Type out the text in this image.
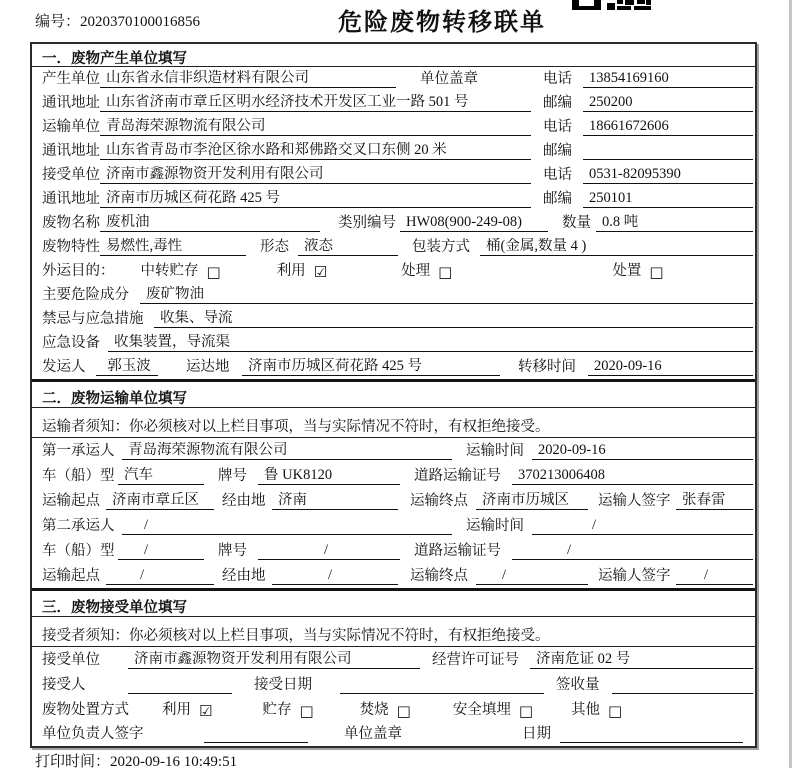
编号：2020370100016856	危险废物转移联单
一．废物产生单位填写
产生单位 山东省永信非织造材料有限公司	单位盖章	电话	13854169160
通讯地址 山东省济南市章丘区明水经济技术开发区工业一路 501 号	邮编	250200
运输单位 青岛海荣源物流有限公司	电话	18661672606
通讯地址 山东省青岛市李沧区徐水路和郑佛路交叉口东侧 20 米	邮编
接受单位 济南市鑫源物资开发利用有限公司	电话	0531-82095390
通讯地址 济南市历城区荷花路 425 号	邮编	250101
废物名称 废机油	类别编号 HW08(900-249-08)	数量 0.8 吨
废物特性 易燃性,毒性	形态	液态	包装方式	桶(金属,数量 4 )
外运目的： 中转贮存 □	利用 ☑	处理 □	处置 □
主要危险成分	废矿物油
禁忌与应急措施	收集、导流
应急设备 收集装置，导流渠
发运人	郭玉波	运达地	济南市历城区荷花路 425 号	转移时间	2020-09-16
二．废物运输单位填写
运输者须知：你必须核对以上栏目事项，当与实际情况不符时，有权拒绝接受。
第一承运人 青岛海荣源物流有限公司	运输时间 2020-09-16
车（船）型 汽车	牌号	鲁 UK8120	道路运输证号	370213006408
运输起点 济南市章丘区	经由地 济南	运输终点 济南市历城区	运输人签字 张春雷
第二承运人	/	运输时间	/
车（船）型	/	牌号	/	道路运输证号	/
运输起点	/	经由地	/	运输终点	/	运输人签字	/
三．废物接受单位填写
接受者须知：你必须核对以上栏目事项，当与实际情况不符时，有权拒绝接受。
接受单位	济南市鑫源物资开发利用有限公司	经营许可证号	济南危证 02 号
接受人	接受日期	签收量
废物处置方式 利用 ☑	贮存 □	焚烧 □	安全填埋 □	其他 □
单位负责人签字	单位盖章	日期
打印时间：2020-09-16 10:49:51
